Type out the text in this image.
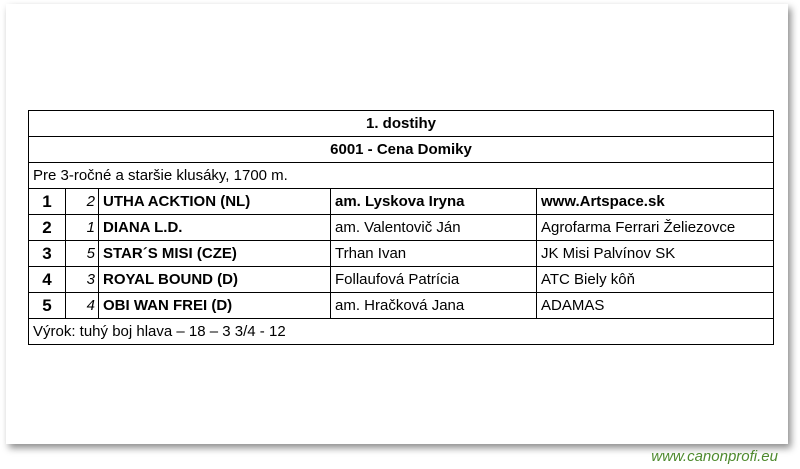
1. dostihy				
6001 - Cena Domiky				
Pre 3-ročné a staršie klusáky, 1700 m.				
1	2	UTHA ACKTION (NL)	am. Lyskova Iryna	www.Artspace.sk
2	1	DIANA L.D.	am. Valentovič Ján	Agrofarma Ferrari Želiezovce
3	5	STAR´S MISI (CZE)	Trhan Ivan	JK Misi Palvínov SK
4	3	ROYAL BOUND (D)	Follaufová Patrícia	ATC Biely kôň
5	4	OBI WAN FREI (D)	am. Hračková Jana	ADAMAS
Výrok: tuhý boj hlava – 18 – 3 3/4 - 12				
www.canonprofi.eu
